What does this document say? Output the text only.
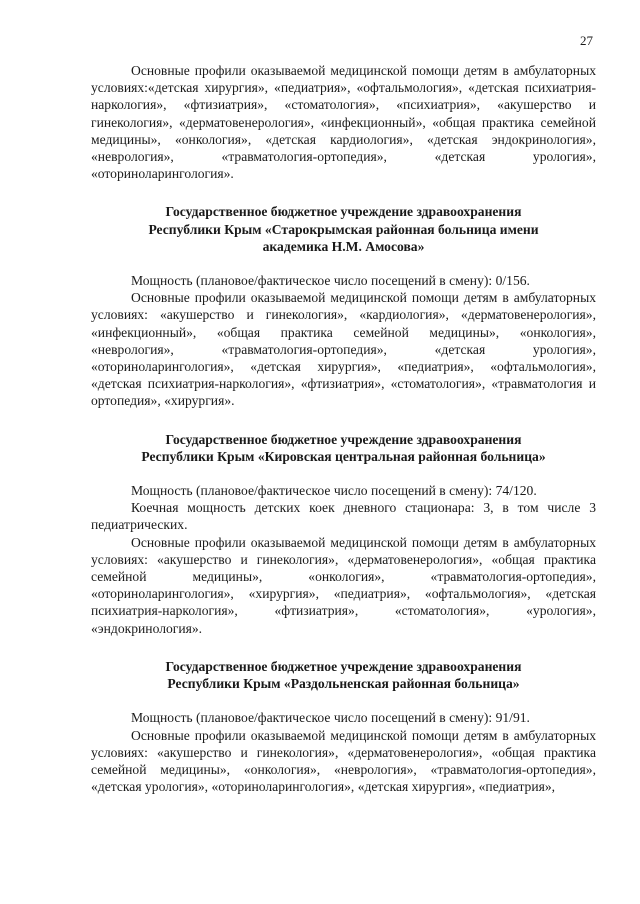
27

Основные профили оказываемой медицинской помощи детям в амбулаторных условиях:«детская хирургия», «педиатрия», «офтальмология», «детская психиатрия-наркология», «фтизиатрия», «стоматология», «психиатрия», «акушерство и гинекология», «дерматовенерология», «инфекционный», «общая практика семейной медицины», «онкология», «детская кардиология», «детская эндокринология», «неврология», «травматология-ортопедия», «детская урология», «оториноларингология».

Государственное бюджетное учреждение здравоохранения
Республики Крым «Старокрымская районная больница имени
академика Н.М. Амосова»

Мощность (плановое/фактическое число посещений в смену): 0/156.

Основные профили оказываемой медицинской помощи детям в амбулаторных условиях: «акушерство и гинекология», «кардиология», «дерматовенерология», «инфекционный», «общая практика семейной медицины», «онкология», «неврология», «травматология-ортопедия», «детская урология», «оториноларингология», «детская хирургия», «педиатрия», «офтальмология», «детская психиатрия-наркология», «фтизиатрия», «стоматология», «травматология и ортопедия», «хирургия».

Государственное бюджетное учреждение здравоохранения
Республики Крым «Кировская центральная районная больница»

Мощность (плановое/фактическое число посещений в смену): 74/120.

Коечная мощность детских коек дневного стационара: 3, в том числе 3 педиатрических.

Основные профили оказываемой медицинской помощи детям в амбулаторных условиях: «акушерство и гинекология», «дерматовенерология», «общая практика семейной медицины», «онкология», «травматология-ортопедия», «оториноларингология», «хирургия», «педиатрия», «офтальмология», «детская психиатрия-наркология», «фтизиатрия», «стоматология», «урология», «эндокринология».

Государственное бюджетное учреждение здравоохранения
Республики Крым «Раздольненская районная больница»

Мощность (плановое/фактическое число посещений в смену): 91/91.

Основные профили оказываемой медицинской помощи детям в амбулаторных условиях: «акушерство и гинекология», «дерматовенерология», «общая практика семейной медицины», «онкология», «неврология», «травматология-ортопедия», «детская урология», «оториноларингология», «детская хирургия», «педиатрия»,
